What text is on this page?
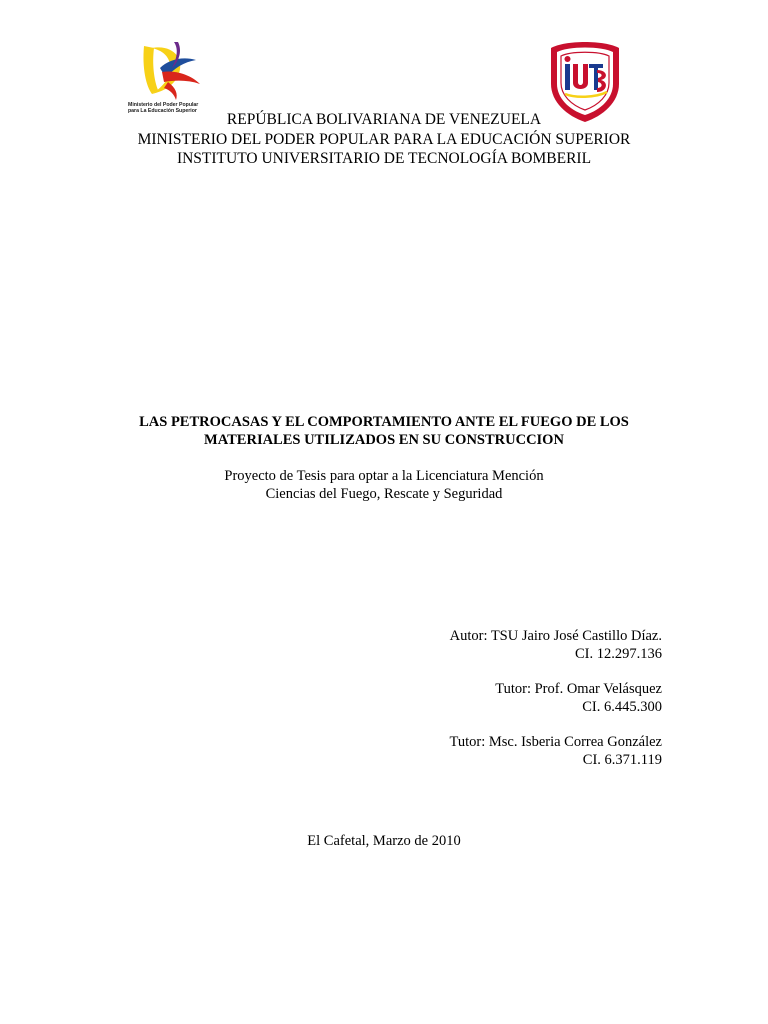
Ministerio del Poder Popular
para La Educación Superior	REPÚBLICA BOLIVARIANA DE VENEZUELA
MINISTERIO DEL PODER POPULAR PARA LA EDUCACIÓN SUPERIOR
INSTITUTO UNIVERSITARIO DE TECNOLOGÍA BOMBERIL
LAS PETROCASAS Y EL COMPORTAMIENTO ANTE EL FUEGO DE LOS
MATERIALES UTILIZADOS EN SU CONSTRUCCION
Proyecto de Tesis para optar a la Licenciatura Mención
Ciencias del Fuego, Rescate y Seguridad
Autor: TSU Jairo José Castillo Díaz.
CI. 12.297.136
Tutor: Prof. Omar Velásquez
CI. 6.445.300
Tutor: Msc. Isberia Correa González
CI. 6.371.119
El Cafetal, Marzo de 2010
